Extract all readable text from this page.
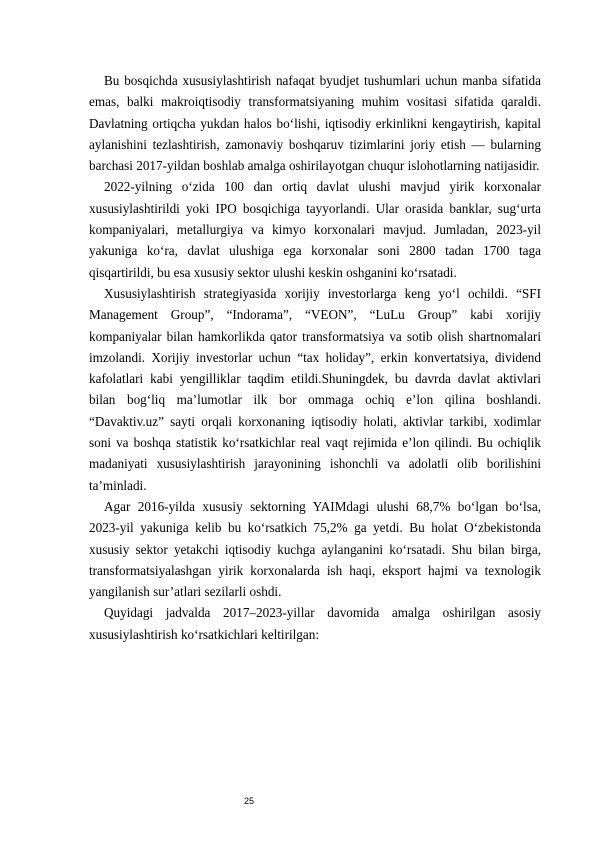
Bu bosqichda xususiylashtirish nafaqat byudjet tushumlari uchun manba sifatida emas, balki makroiqtisodiy transformatsiyaning muhim vositasi sifatida qaraldi. Davlatning ortiqcha yukdan halos bo‘lishi, iqtisodiy erkinlikni kengaytirish, kapital aylanishini tezlashtirish, zamonaviy boshqaruv tizimlarini joriy etish — bularning barchasi 2017-yildan boshlab amalga oshirilayotgan chuqur islohotlarning natijasidir.

2022-yilning o‘zida 100 dan ortiq davlat ulushi mavjud yirik korxonalar xususiylashtirildi yoki IPO bosqichiga tayyorlandi. Ular orasida banklar, sug‘urta kompaniyalari, metallurgiya va kimyo korxonalari mavjud. Jumladan, 2023-yil yakuniga ko‘ra, davlat ulushiga ega korxonalar soni 2800 tadan 1700 taga qisqartirildi, bu esa xususiy sektor ulushi keskin oshganini ko‘rsatadi.

Xususiylashtirish strategiyasida xorijiy investorlarga keng yo‘l ochildi. “SFI Management Group”, “Indorama”, “VEON”, “LuLu Group” kabi xorijiy kompaniyalar bilan hamkorlikda qator transformatsiya va sotib olish shartnomalari imzolandi. Xorijiy investorlar uchun “tax holiday”, erkin konvertatsiya, dividend kafolatlari kabi yengilliklar taqdim etildi.Shuningdek, bu davrda davlat aktivlari bilan bog‘liq ma’lumotlar ilk bor ommaga ochiq e’lon qilina boshlandi. “Davaktiv.uz” sayti orqali korxonaning iqtisodiy holati, aktivlar tarkibi, xodimlar soni va boshqa statistik ko‘rsatkichlar real vaqt rejimida e’lon qilindi. Bu ochiqlik madaniyati xususiylashtirish jarayonining ishonchli va adolatli olib borilishini ta’minladi.

Agar 2016-yilda xususiy sektorning YAIMdagi ulushi 68,7% bo‘lgan bo‘lsa, 2023-yil yakuniga kelib bu ko‘rsatkich 75,2% ga yetdi. Bu holat O‘zbekistonda xususiy sektor yetakchi iqtisodiy kuchga aylanganini ko‘rsatadi. Shu bilan birga, transformatsiyalashgan yirik korxonalarda ish haqi, eksport hajmi va texnologik yangilanish sur’atlari sezilarli oshdi.

Quyidagi jadvalda 2017–2023-yillar davomida amalga oshirilgan asosiy xususiylashtirish ko‘rsatkichlari keltirilgan:

25
